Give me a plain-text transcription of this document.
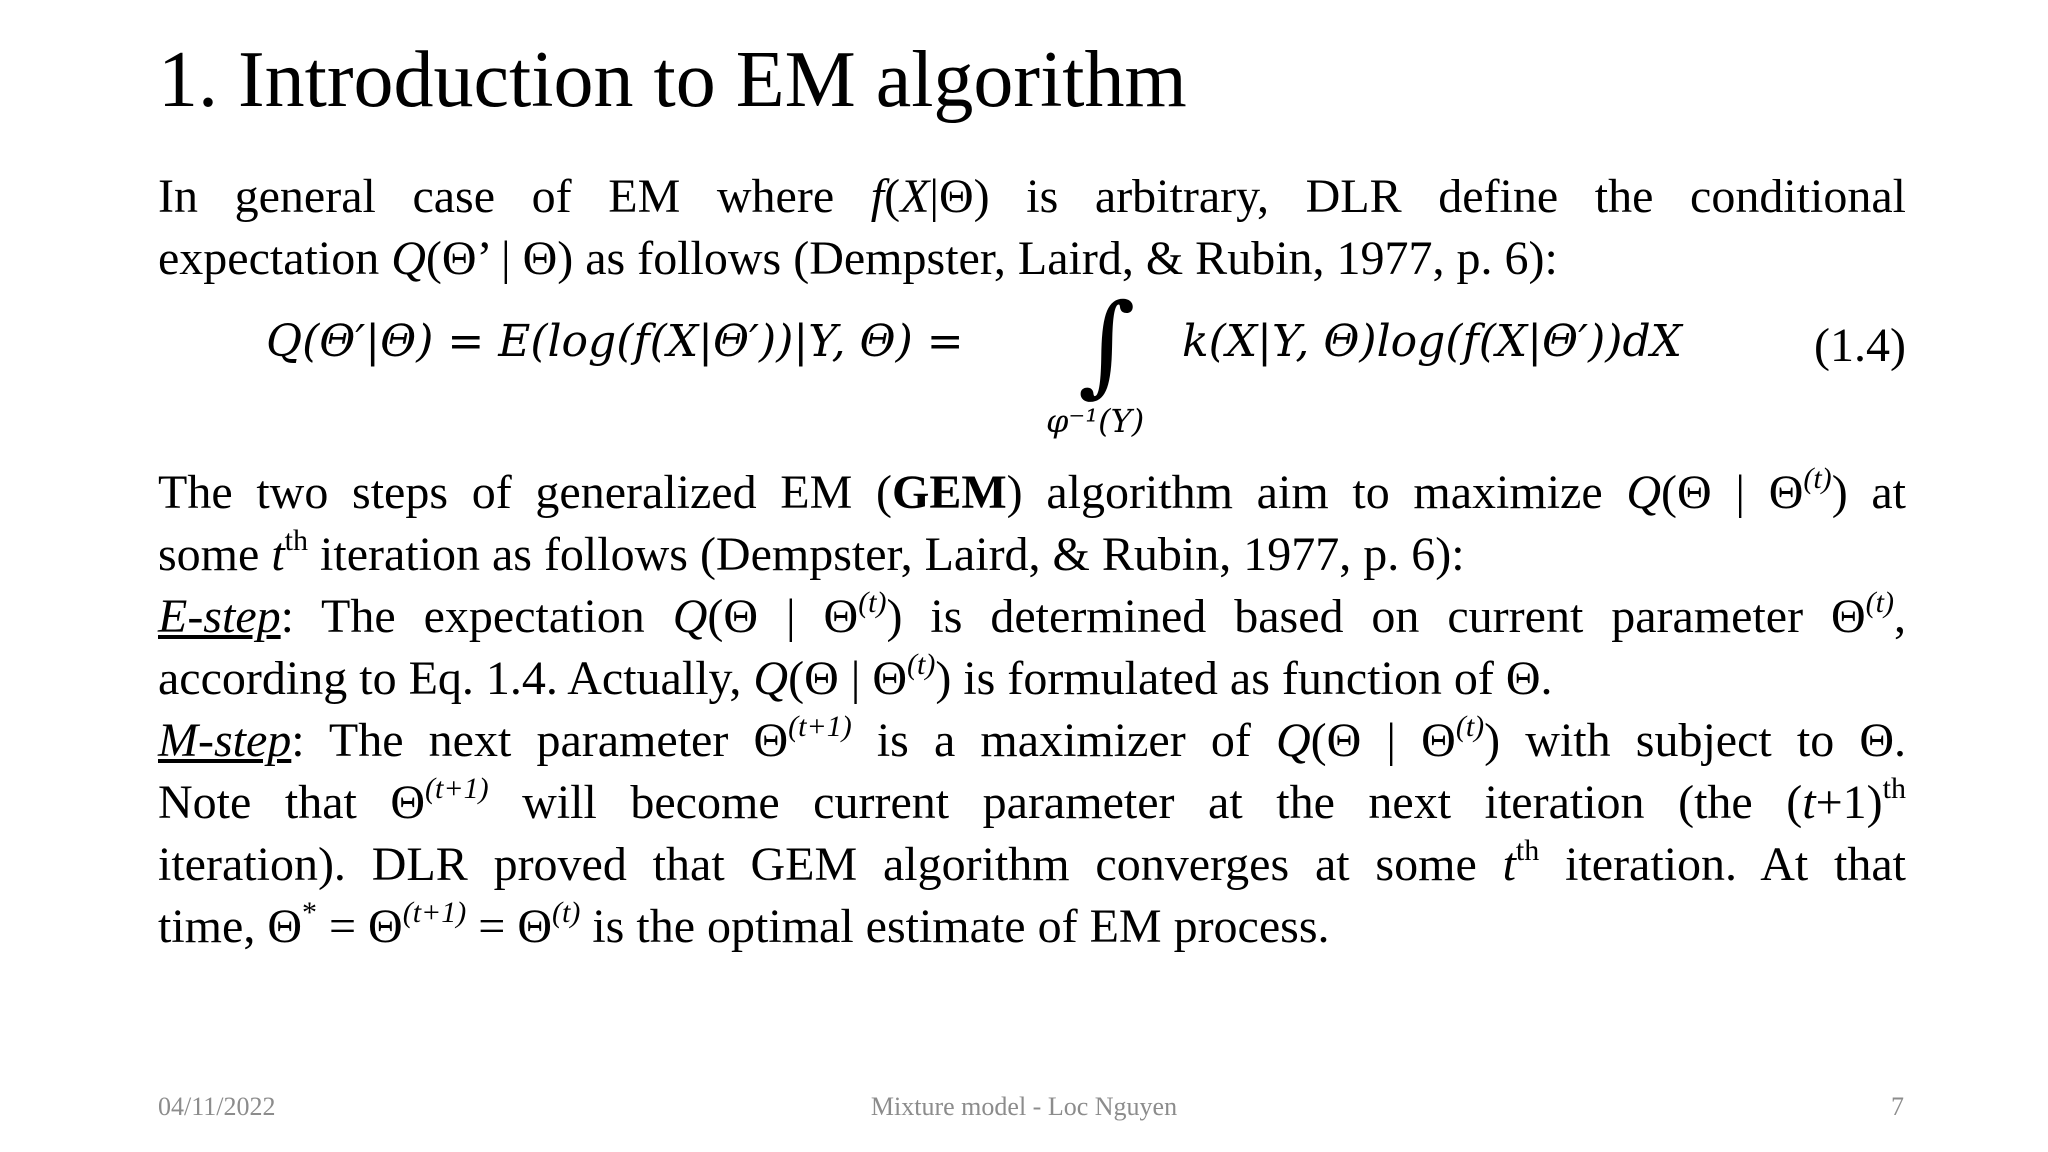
1. Introduction to EM algorithm
In general case of EM where f(X|Θ) is arbitrary, DLR define the conditional
expectation Q(Θ’ | Θ) as follows (Dempster, Laird, & Rubin, 1977, p. 6):
Q(Θ′|Θ) = E(log(f(X|Θ′))|Y, Θ) = ∫
φ⁻¹(Y)
k(X|Y, Θ)log(f(X|Θ′))dX	(1.4)
The two steps of generalized EM (GEM) algorithm aim to maximize Q(Θ | $\Theta^{(t)}$) at
some $t^{th}$ iteration as follows (Dempster, Laird, & Rubin, 1977, p. 6):
E-step: The expectation Q(Θ | $\Theta^{(t)}$) is determined based on current parameter $\Theta^{(t)}$,
according to Eq. 1.4. Actually, Q(Θ | $\Theta^{(t)}$) is formulated as function of Θ.
M-step: The next parameter $\Theta^{(t+1)}$ is a maximizer of Q(Θ | $\Theta^{(t)}$) with subject to Θ.
Note that $\Theta^{(t+1)}$ will become current parameter at the next iteration (the $(t+1)^{th}$
iteration). DLR proved that GEM algorithm converges at some $t^{th}$ iteration. At that
time, $\Theta^* = \Theta^{(t+1)} = \Theta^{(t)}$ is the optimal estimate of EM process.
04/11/2022	Mixture model - Loc Nguyen	7
